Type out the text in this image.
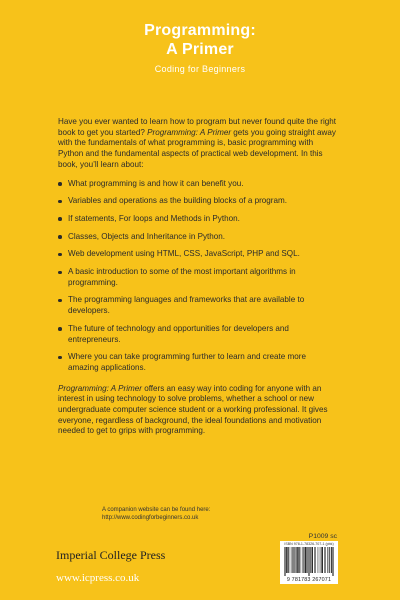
Programming:
A Primer
Coding for Beginners

Have you ever wanted to learn how to program but never found quite the right book to get you started? Programming: A Primer gets you going straight away with the fundamentals of what programming is, basic programming with Python and the fundamental aspects of practical web development. In this book, you’ll learn about:

What programming is and how it can benefit you.
Variables and operations as the building blocks of a program.
If statements, For loops and Methods in Python.
Classes, Objects and Inheritance in Python.
Web development using HTML, CSS, JavaScript, PHP and SQL.
A basic introduction to some of the most important algorithms in programming.
The programming languages and frameworks that are available to developers.
The future of technology and opportunities for developers and entrepreneurs.
Where you can take programming further to learn and create more amazing applications.

Programming: A Primer offers an easy way into coding for anyone with an interest in using technology to solve problems, whether a school or new undergraduate computer science student or a working professional. It gives everyone, regardless of background, the ideal foundations and motivation needed to get to grips with programming.

A companion website can be found here:
http://www.codingforbeginners.co.uk
P1009 sc
Imperial College Press
www.icpress.co.uk
ISBN 978-1-78326-707-1 (pbk)
9 781783 267071
